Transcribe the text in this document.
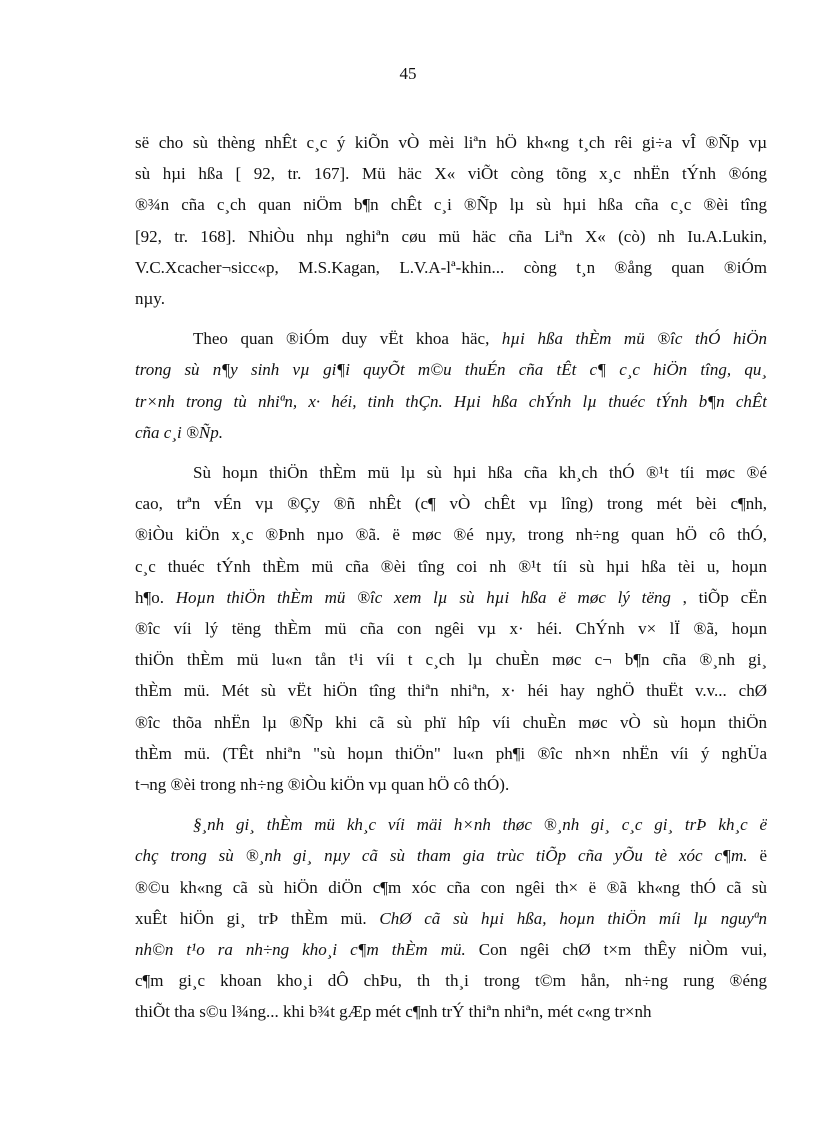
45

së cho sù thèng nhÊt c¸c ý kiÕn vÒ mèi liªn hÖ kh«ng t¸ch rêi gi÷a vÎ ®Ñp vµ
sù hµi hßa [ 92, tr. 167]. Mü häc X« viÕt còng tõng x¸c nhËn tÝnh ®óng
®¾n cña c¸ch quan niÖm b¶n chÊt c¸i ®Ñp lµ sù hµi hßa cña c¸c ®èi tîng
[92, tr. 168]. NhiÒu nhµ nghiªn cøu mü häc cña Liªn X« (cò) nh Iu.A.Lukin,
V.C.Xcacher¬sicc«p, M.S.Kagan, L.V.A-lª-khin... còng t¸n ®ång quan ®iÓm
nµy.

Theo quan ®iÓm duy vËt khoa häc, hµi hßa thÈm mü ®îc thÓ hiÖn
trong sù n¶y sinh vµ gi¶i quyÕt m©u thuÉn cña tÊt c¶ c¸c hiÖn tîng, qu¸
tr×nh trong tù nhiªn, x· héi, tinh thÇn. Hµi hßa chÝnh lµ thuéc tÝnh b¶n chÊt
cña c¸i ®Ñp.

Sù hoµn thiÖn thÈm mü lµ sù hµi hßa cña kh¸ch thÓ ®¹t tíi møc ®é
cao, trªn vÉn vµ ®Çy ®ñ nhÊt (c¶ vÒ chÊt vµ lîng) trong mét bèi c¶nh,
®iÒu kiÖn x¸c ®Þnh nµo ®ã. ë møc ®é nµy, trong nh÷ng quan hÖ cô thÓ,
c¸c thuéc tÝnh thÈm mü cña ®èi tîng coi nh ®¹t tíi sù hµi hßa tèi u, hoµn
h¶o. Hoµn thiÖn thÈm mü ®îc xem lµ sù hµi hßa ë møc lý tëng , tiÕp cËn
®îc víi lý tëng thÈm mü cña con ngêi vµ x· héi. ChÝnh v× lÏ ®ã, hoµn
thiÖn thÈm mü lu«n tån t¹i víi t c¸ch lµ chuÈn møc c¬ b¶n cña ®¸nh gi¸
thÈm mü. Mét sù vËt hiÖn tîng thiªn nhiªn, x· héi hay nghÖ thuËt v.v... chØ
®îc thõa nhËn lµ ®Ñp khi cã sù phï hîp víi chuÈn møc vÒ sù hoµn thiÖn
thÈm mü. (TÊt nhiªn "sù hoµn thiÖn" lu«n ph¶i ®îc nh×n nhËn víi ý nghÜa
t¬ng ®èi trong nh÷ng ®iÒu kiÖn vµ quan hÖ cô thÓ).

§¸nh gi¸ thÈm mü kh¸c víi mäi h×nh thøc ®¸nh gi¸ c¸c gi¸ trÞ kh¸c ë
chç trong sù ®¸nh gi¸ nµy cã sù tham gia trùc tiÕp cña yÕu tè xóc c¶m. ë
®©u kh«ng cã sù hiÖn diÖn c¶m xóc cña con ngêi th× ë ®ã kh«ng thÓ cã sù
xuÊt hiÖn gi¸ trÞ thÈm mü. ChØ cã sù hµi hßa, hoµn thiÖn míi lµ nguyªn
nh©n t¹o ra nh÷ng kho¸i c¶m thÈm mü. Con ngêi chØ t×m thÊy niÒm vui,
c¶m gi¸c khoan kho¸i dÔ chÞu, th th¸i trong t©m hån, nh÷ng rung ®éng
thiÕt tha s©u l¾ng... khi b¾t gÆp mét c¶nh trÝ thiªn nhiªn, mét c«ng tr×nh
